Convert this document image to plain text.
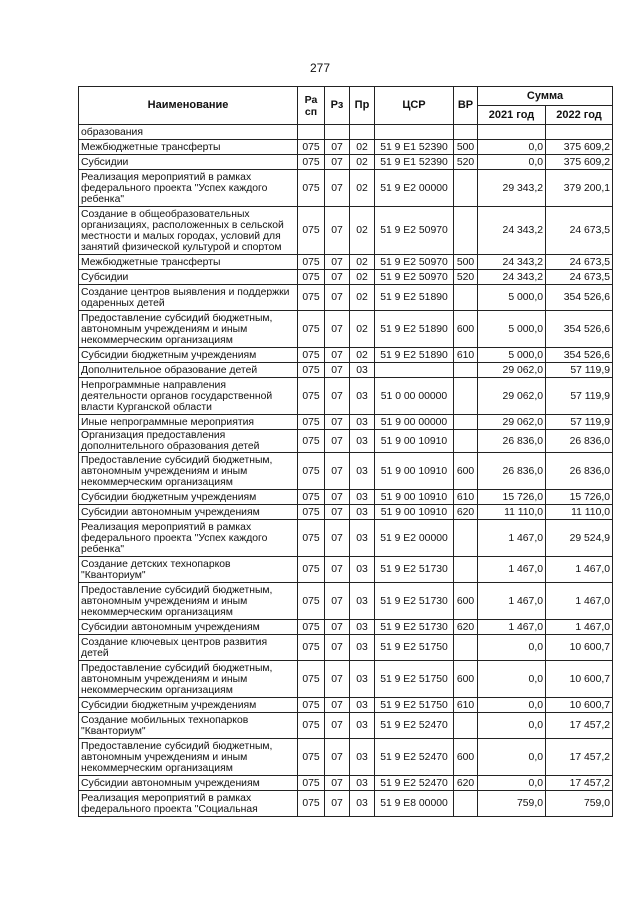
277
Наименование	Ра сп	Рз	Пр	ЦСР	ВР	Сумма	
						2021 год	2022 год
образования							
Межбюджетные трансферты	075	07	02	51 9 E1 52390	500	0,0	375 609,2
Субсидии	075	07	02	51 9 E1 52390	520	0,0	375 609,2
Реализация мероприятий в рамках федерального проекта "Успех каждого ребенка"	075	07	02	51 9 E2 00000		29 343,2	379 200,1
Создание в общеобразовательных организациях, расположенных в сельской местности и малых городах, условий для занятий физической культурой и спортом	075	07	02	51 9 E2 50970		24 343,2	24 673,5
Межбюджетные трансферты	075	07	02	51 9 E2 50970	500	24 343,2	24 673,5
Субсидии	075	07	02	51 9 E2 50970	520	24 343,2	24 673,5
Создание центров выявления и поддержки одаренных детей	075	07	02	51 9 E2 51890		5 000,0	354 526,6
Предоставление субсидий бюджетным, автономным учреждениям и иным некоммерческим организациям	075	07	02	51 9 E2 51890	600	5 000,0	354 526,6
Субсидии бюджетным учреждениям	075	07	02	51 9 E2 51890	610	5 000,0	354 526,6
Дополнительное образование детей	075	07	03			29 062,0	57 119,9
Непрограммные направления деятельности органов государственной власти Курганской области	075	07	03	51 0 00 00000		29 062,0	57 119,9
Иные непрограммные мероприятия	075	07	03	51 9 00 00000		29 062,0	57 119,9
Организация предоставления дополнительного образования детей	075	07	03	51 9 00 10910		26 836,0	26 836,0
Предоставление субсидий бюджетным, автономным учреждениям и иным некоммерческим организациям	075	07	03	51 9 00 10910	600	26 836,0	26 836,0
Субсидии бюджетным учреждениям	075	07	03	51 9 00 10910	610	15 726,0	15 726,0
Субсидии автономным учреждениям	075	07	03	51 9 00 10910	620	11 110,0	11 110,0
Реализация мероприятий в рамках федерального проекта "Успех каждого ребенка"	075	07	03	51 9 E2 00000		1 467,0	29 524,9
Создание детских технопарков "Кванториум"	075	07	03	51 9 E2 51730		1 467,0	1 467,0
Предоставление субсидий бюджетным, автономным учреждениям и иным некоммерческим организациям	075	07	03	51 9 E2 51730	600	1 467,0	1 467,0
Субсидии автономным учреждениям	075	07	03	51 9 E2 51730	620	1 467,0	1 467,0
Создание ключевых центров развития детей	075	07	03	51 9 E2 51750		0,0	10 600,7
Предоставление субсидий бюджетным, автономным учреждениям и иным некоммерческим организациям	075	07	03	51 9 E2 51750	600	0,0	10 600,7
Субсидии бюджетным учреждениям	075	07	03	51 9 E2 51750	610	0,0	10 600,7
Создание мобильных технопарков "Кванториум"	075	07	03	51 9 E2 52470		0,0	17 457,2
Предоставление субсидий бюджетным, автономным учреждениям и иным некоммерческим организациям	075	07	03	51 9 E2 52470	600	0,0	17 457,2
Субсидии автономным учреждениям	075	07	03	51 9 E2 52470	620	0,0	17 457,2
Реализация мероприятий в рамках федерального проекта "Социальная	075	07	03	51 9 E8 00000		759,0	759,0
